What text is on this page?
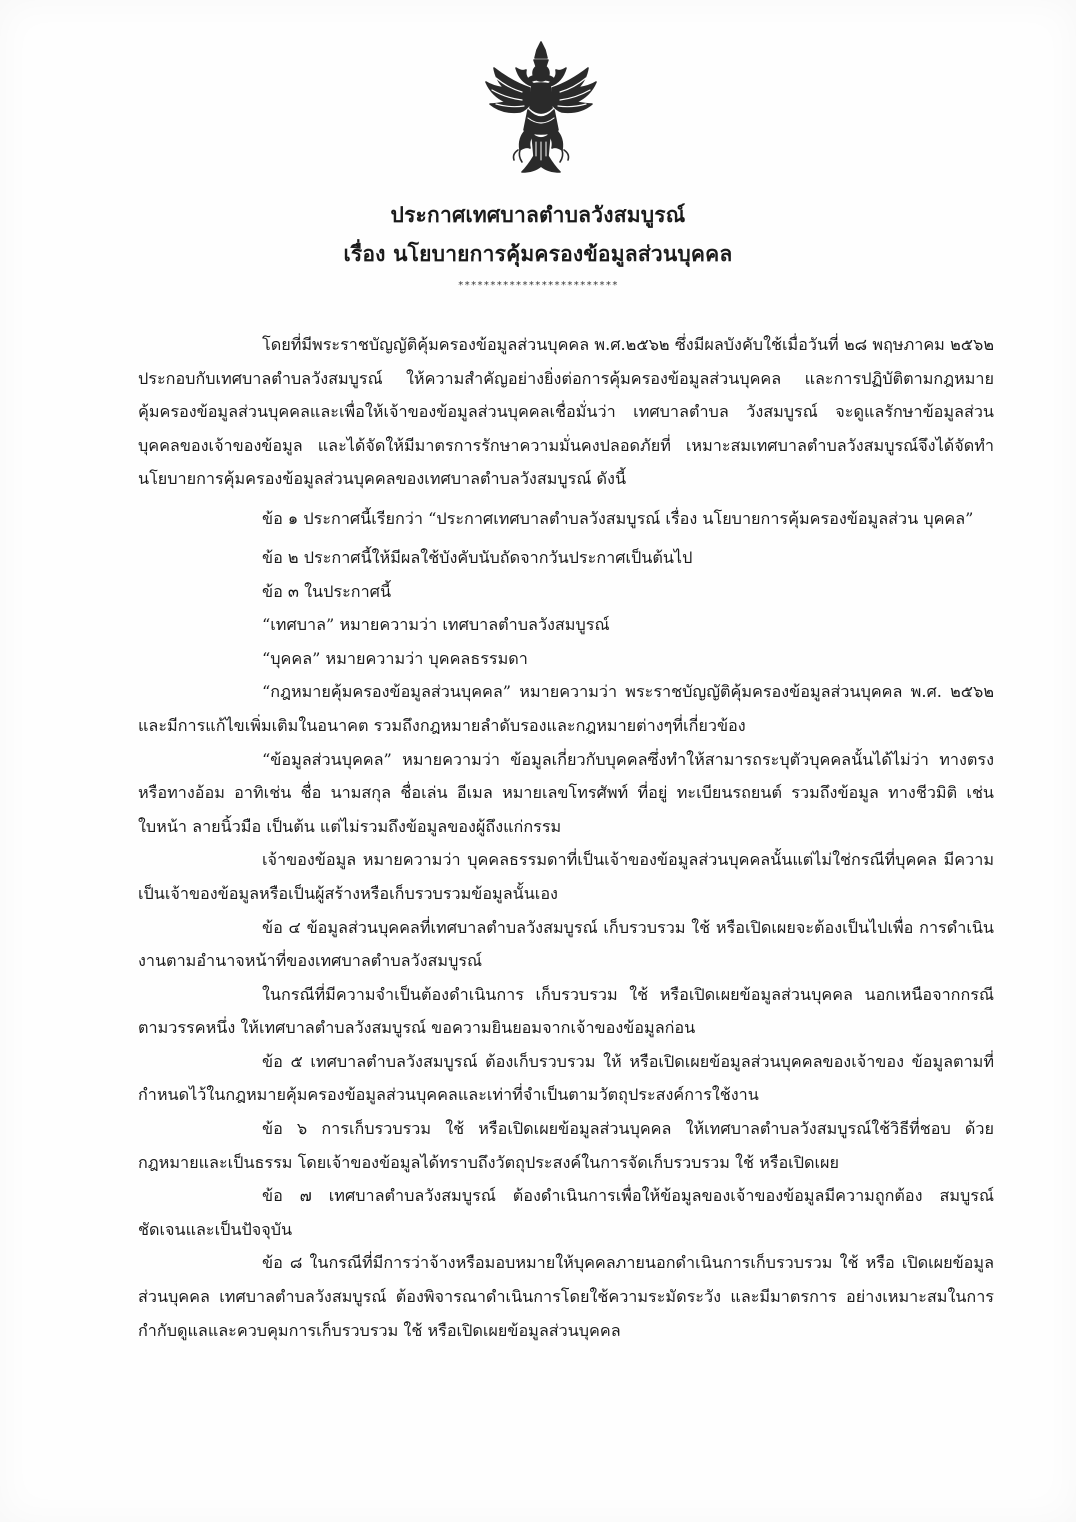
ประกาศเทศบาลตำบลวังสมบูรณ์
เรื่อง นโยบายการคุ้มครองข้อมูลส่วนบุคคล
*************************

โดยที่มีพระราชบัญญัติคุ้มครองข้อมูลส่วนบุคคล พ.ศ.๒๕๖๒ ซึ่งมีผลบังคับใช้เมื่อวันที่ ๒๘ พฤษภาคม ๒๕๖๒ ประกอบกับเทศบาลตำบลวังสมบูรณ์ ให้ความสำคัญอย่างยิ่งต่อการคุ้มครองข้อมูลส่วนบุคคล และการปฏิบัติตามกฎหมายคุ้มครองข้อมูลส่วนบุคคลและเพื่อให้เจ้าของข้อมูลส่วนบุคคลเชื่อมั่นว่า เทศบาลตำบล วังสมบูรณ์ จะดูแลรักษาข้อมูลส่วนบุคคลของเจ้าของข้อมูล และได้จัดให้มีมาตรการรักษาความมั่นคงปลอดภัยที่ เหมาะสมเทศบาลตำบลวังสมบูรณ์จึงได้จัดทำนโยบายการคุ้มครองข้อมูลส่วนบุคคลของเทศบาลตำบลวังสมบูรณ์ ดังนี้

ข้อ ๑ ประกาศนี้เรียกว่า “ประกาศเทศบาลตำบลวังสมบูรณ์ เรื่อง นโยบายการคุ้มครองข้อมูลส่วน บุคคล”

ข้อ ๒ ประกาศนี้ให้มีผลใช้บังคับนับถัดจากวันประกาศเป็นต้นไป

ข้อ ๓ ในประกาศนี้

“เทศบาล” หมายความว่า เทศบาลตำบลวังสมบูรณ์

“บุคคล” หมายความว่า บุคคลธรรมดา

“กฎหมายคุ้มครองข้อมูลส่วนบุคคล” หมายความว่า พระราชบัญญัติคุ้มครองข้อมูลส่วนบุคคล พ.ศ. ๒๕๖๒ และมีการแก้ไขเพิ่มเติมในอนาคต รวมถึงกฎหมายลำดับรองและกฎหมายต่างๆที่เกี่ยวข้อง

“ข้อมูลส่วนบุคคล” หมายความว่า ข้อมูลเกี่ยวกับบุคคลซึ่งทำให้สามารถระบุตัวบุคคลนั้นได้ไม่ว่า ทางตรงหรือทางอ้อม อาทิเช่น ชื่อ นามสกุล ชื่อเล่น อีเมล หมายเลขโทรศัพท์ ที่อยู่ ทะเบียนรถยนต์ รวมถึงข้อมูล ทางชีวมิติ เช่น ใบหน้า ลายนิ้วมือ เป็นต้น แต่ไม่รวมถึงข้อมูลของผู้ถึงแก่กรรม

เจ้าของข้อมูล หมายความว่า บุคคลธรรมดาที่เป็นเจ้าของข้อมูลส่วนบุคคลนั้นแต่ไม่ใช่กรณีที่บุคคล มีความเป็นเจ้าของข้อมูลหรือเป็นผู้สร้างหรือเก็บรวบรวมข้อมูลนั้นเอง

ข้อ ๔ ข้อมูลส่วนบุคคลที่เทศบาลตำบลวังสมบูรณ์ เก็บรวบรวม ใช้ หรือเปิดเผยจะต้องเป็นไปเพื่อ การดำเนินงานตามอำนาจหน้าที่ของเทศบาลตำบลวังสมบูรณ์

ในกรณีที่มีความจำเป็นต้องดำเนินการ เก็บรวบรวม ใช้ หรือเปิดเผยข้อมูลส่วนบุคคล นอกเหนือจากกรณีตามวรรคหนึ่ง ให้เทศบาลตำบลวังสมบูรณ์ ขอความยินยอมจากเจ้าของข้อมูลก่อน

ข้อ ๕ เทศบาลตำบลวังสมบูรณ์ ต้องเก็บรวบรวม ให้ หรือเปิดเผยข้อมูลส่วนบุคคลของเจ้าของ ข้อมูลตามที่กำหนดไว้ในกฎหมายคุ้มครองข้อมูลส่วนบุคคลและเท่าที่จำเป็นตามวัตถุประสงค์การใช้งาน

ข้อ ๖ การเก็บรวบรวม ใช้ หรือเปิดเผยข้อมูลส่วนบุคคล ให้เทศบาลตำบลวังสมบูรณ์ใช้วิธีที่ชอบ ด้วยกฎหมายและเป็นธรรม โดยเจ้าของข้อมูลได้ทราบถึงวัตถุประสงค์ในการจัดเก็บรวบรวม ใช้ หรือเปิดเผย

ข้อ ๗ เทศบาลตำบลวังสมบูรณ์ ต้องดำเนินการเพื่อให้ข้อมูลของเจ้าของข้อมูลมีความถูกต้อง สมบูรณ์ ชัดเจนและเป็นปัจจุบัน

ข้อ ๘ ในกรณีที่มีการว่าจ้างหรือมอบหมายให้บุคคลภายนอกดำเนินการเก็บรวบรวม ใช้ หรือ เปิดเผยข้อมูลส่วนบุคคล เทศบาลตำบลวังสมบูรณ์ ต้องพิจารณาดำเนินการโดยใช้ความระมัดระวัง และมีมาตรการ อย่างเหมาะสมในการกำกับดูแลและควบคุมการเก็บรวบรวม ใช้ หรือเปิดเผยข้อมูลส่วนบุคคล
